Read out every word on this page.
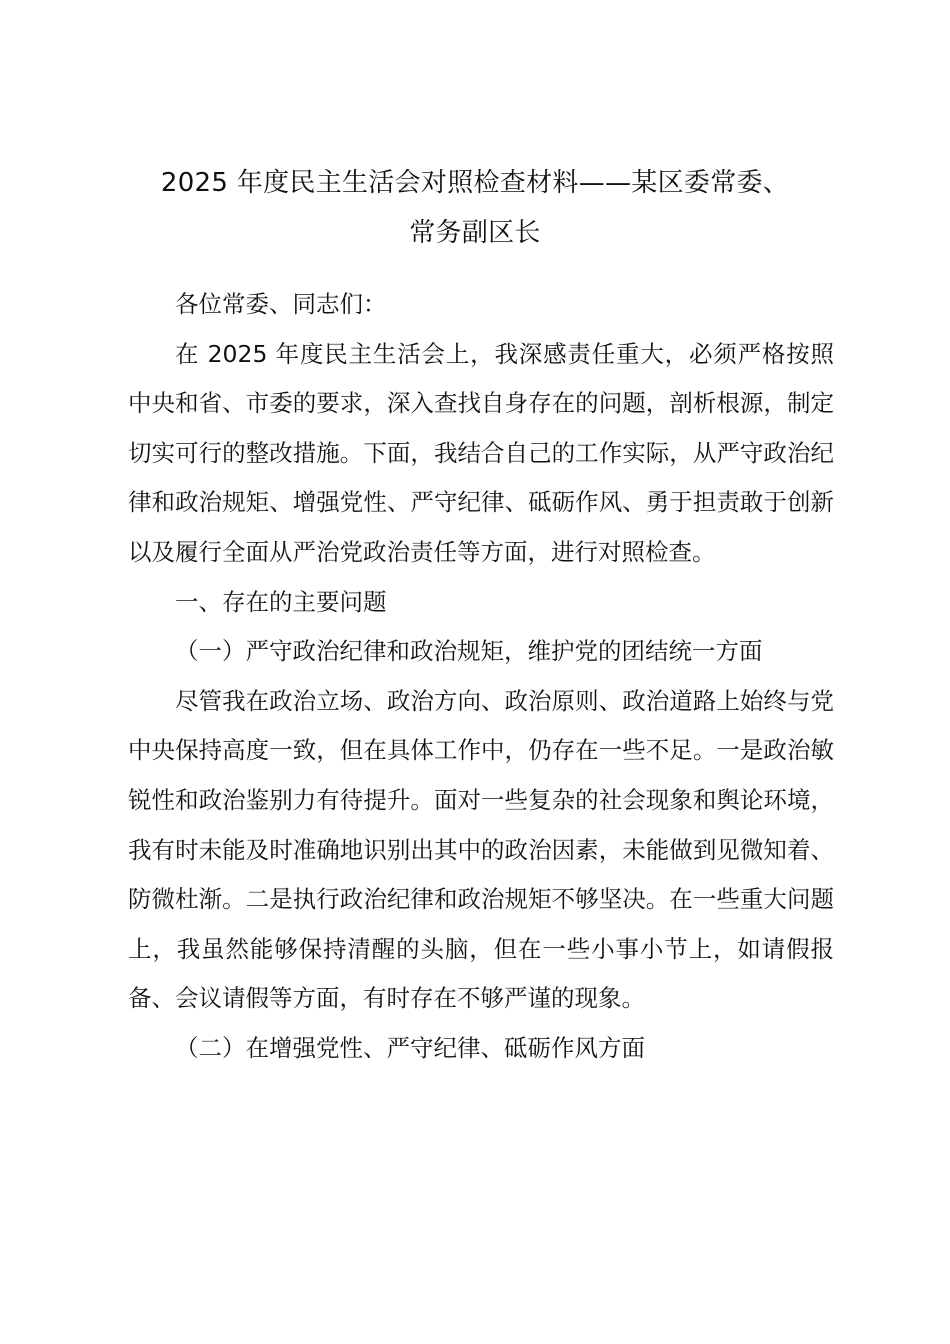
2025 年度民主生活会对照检查材料——某区委常委、
常务副区长

各位常委、同志们：

在 2025 年度民主生活会上，我深感责任重大，必须严格按照中央和省、市委的要求，深入查找自身存在的问题，剖析根源，制定切实可行的整改措施。下面，我结合自己的工作实际，从严守政治纪律和政治规矩、增强党性、严守纪律、砥砺作风、勇于担责敢于创新以及履行全面从严治党政治责任等方面，进行对照检查。

一、存在的主要问题

（一）严守政治纪律和政治规矩，维护党的团结统一方面

尽管我在政治立场、政治方向、政治原则、政治道路上始终与党中央保持高度一致，但在具体工作中，仍存在一些不足。一是政治敏锐性和政治鉴别力有待提升。面对一些复杂的社会现象和舆论环境，我有时未能及时准确地识别出其中的政治因素，未能做到见微知着、防微杜渐。二是执行政治纪律和政治规矩不够坚决。在一些重大问题上，我虽然能够保持清醒的头脑，但在一些小事小节上，如请假报备、会议请假等方面，有时存在不够严谨的现象。

（二）在增强党性、严守纪律、砥砺作风方面
